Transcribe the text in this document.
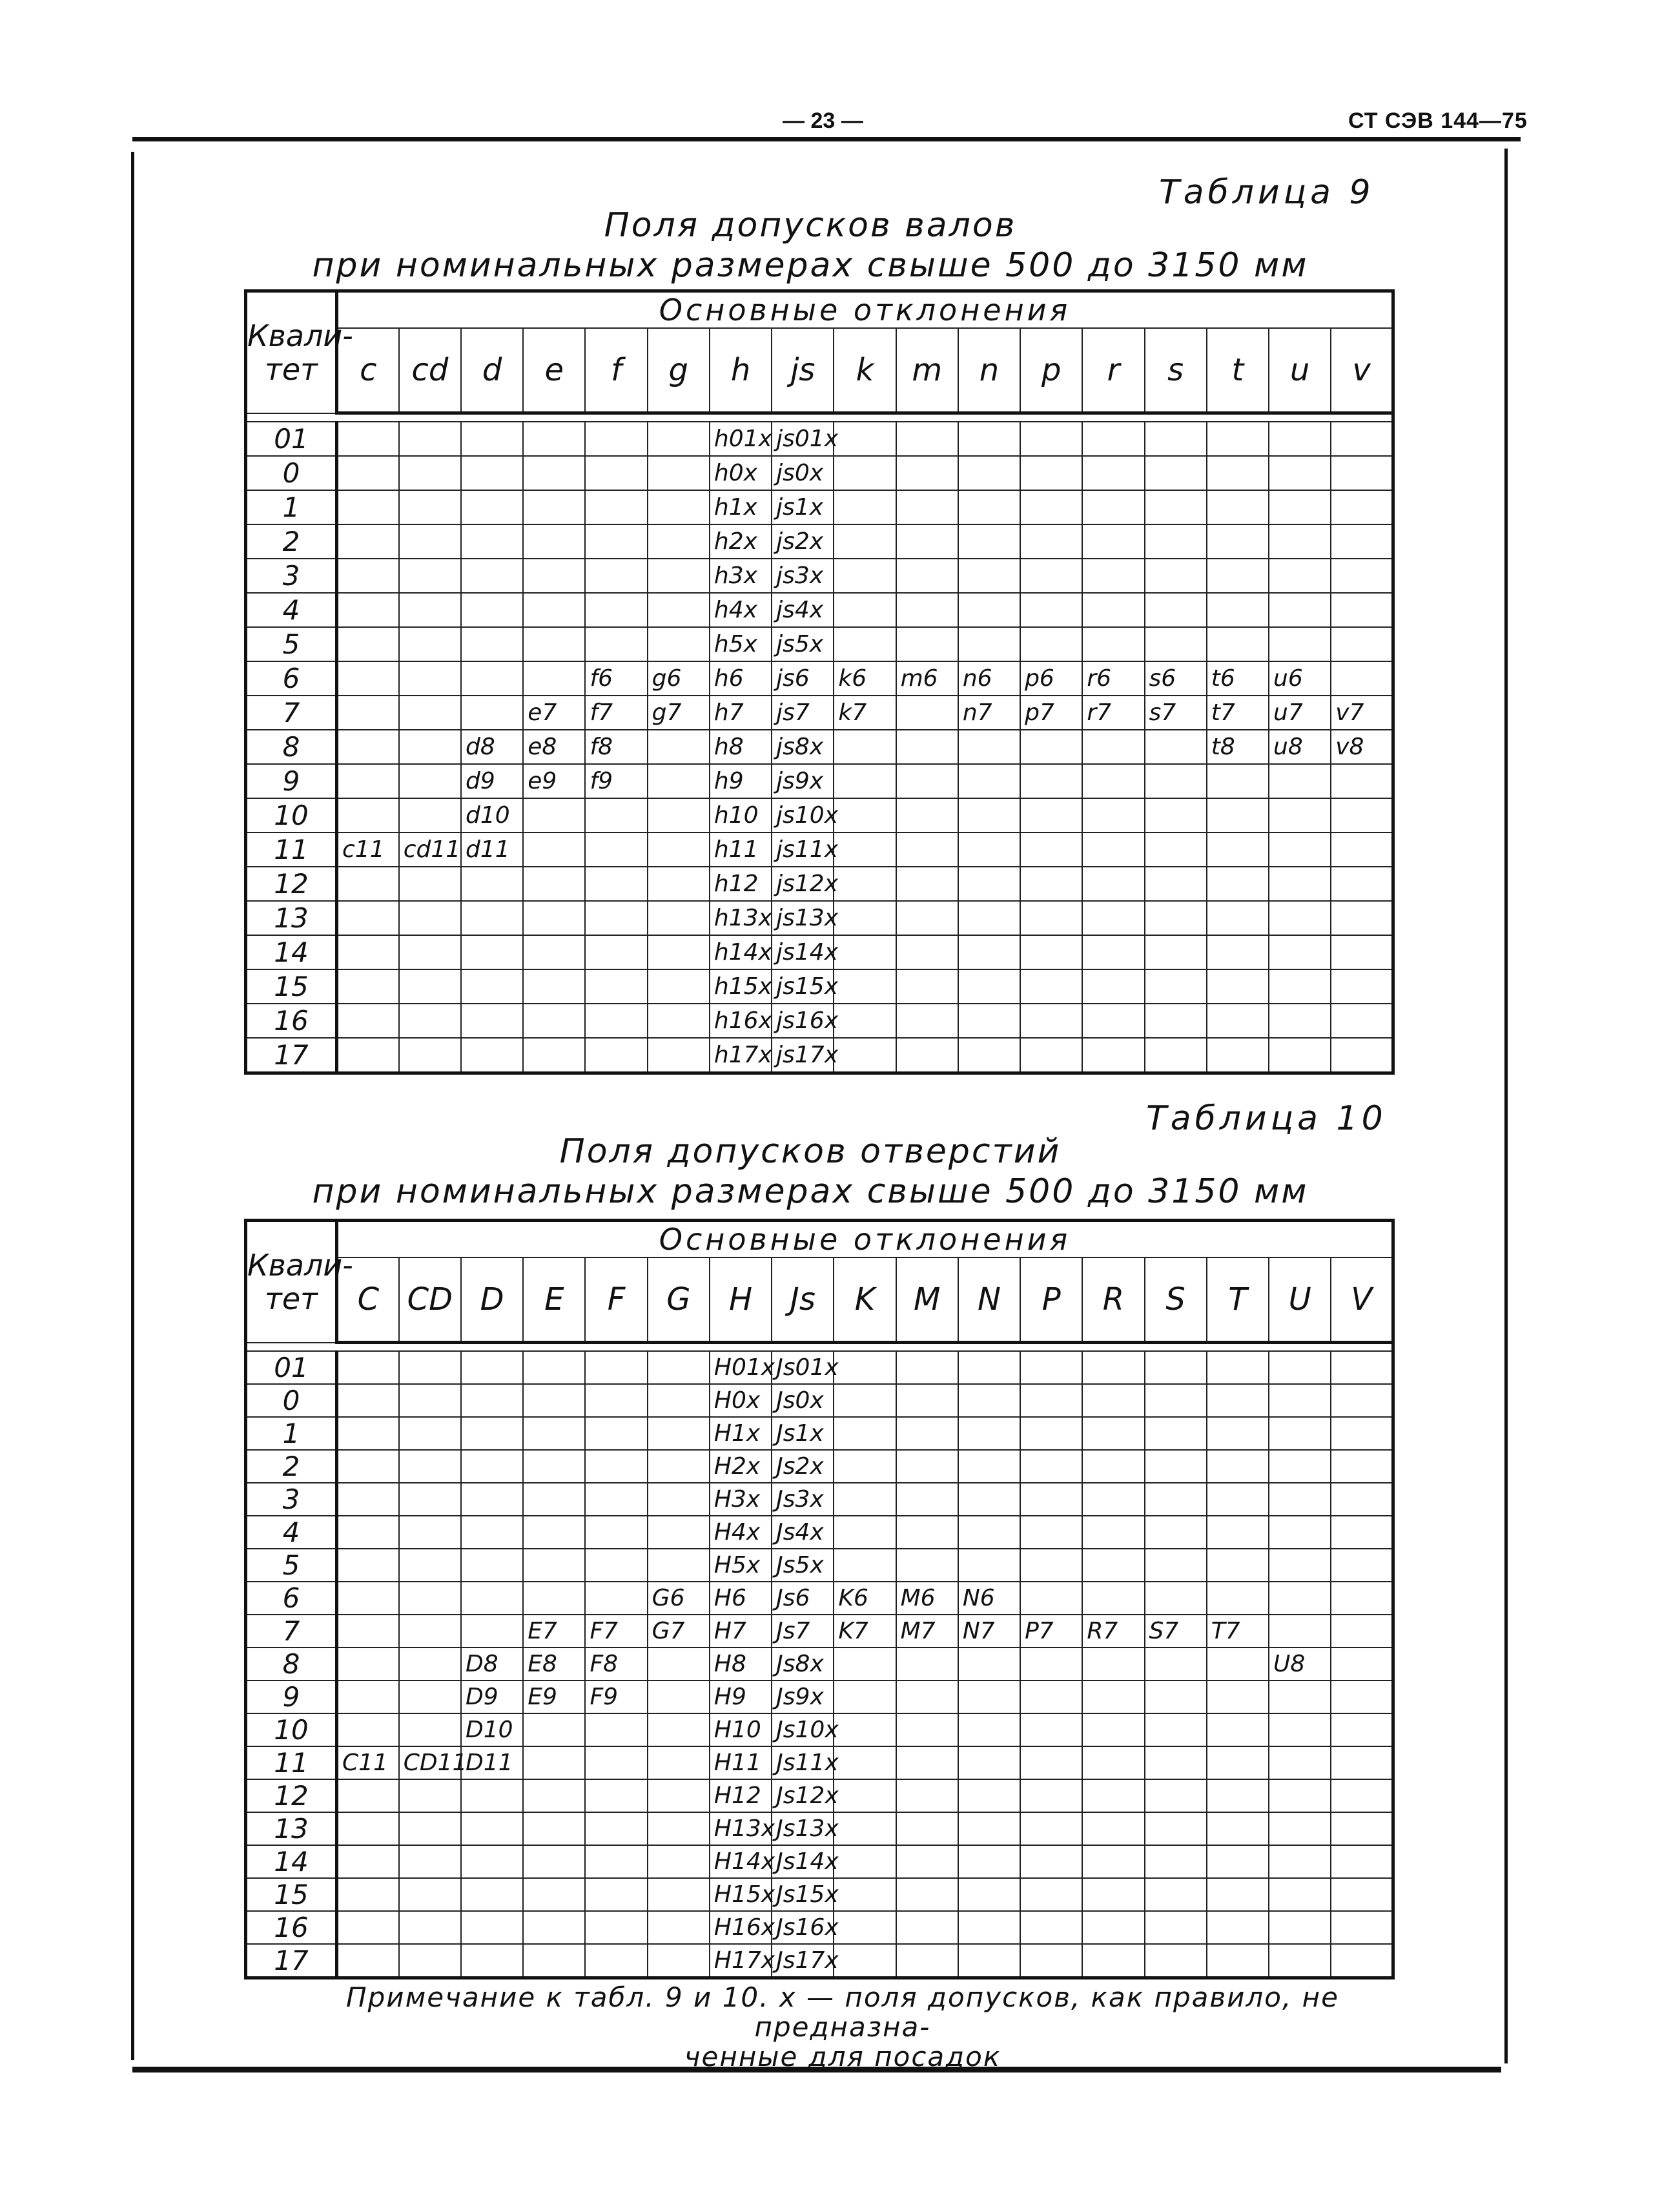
— 23 —	СТ СЭВ 144—75
Таблица 9
Поля допусков валов
при номинальных размерах свыше 500 до 3150 мм
Квали-
тет	Основные отклонения																
	c	cd	d	e	f	g	h	js	k	m	n	p	r	s	t	u	v

01							h01x	js01x									
0							h0x	js0x									
1							h1x	js1x									
2							h2x	js2x									
3							h3x	js3x									
4							h4x	js4x									
5							h5x	js5x									
6					f6	g6	h6	js6	k6	m6	n6	p6	r6	s6	t6	u6	
7				e7	f7	g7	h7	js7	k7		n7	p7	r7	s7	t7	u7	v7
8			d8	e8	f8		h8	js8x							t8	u8	v8
9			d9	e9	f9		h9	js9x									
10			d10				h10	js10x									
11	c11	cd11	d11				h11	js11x									
12							h12	js12x									
13							h13x	js13x									
14							h14x	js14x									
15							h15x	js15x									
16							h16x	js16x									
17							h17x	js17x									
Таблица 10
Поля допусков отверстий
при номинальных размерах свыше 500 до 3150 мм
Квали-
тет	Основные отклонения																
	C	CD	D	E	F	G	H	Js	K	M	N	P	R	S	T	U	V

01							H01x	Js01x									
0							H0x	Js0x									
1							H1x	Js1x									
2							H2x	Js2x									
3							H3x	Js3x									
4							H4x	Js4x									
5							H5x	Js5x									
6						G6	H6	Js6	K6	M6	N6						
7				E7	F7	G7	H7	Js7	K7	M7	N7	P7	R7	S7	T7		
8			D8	E8	F8		H8	Js8x								U8	
9			D9	E9	F9		H9	Js9x									
10			D10				H10	Js10x									
11	C11	CD11	D11				H11	Js11x									
12							H12	Js12x									
13							H13x	Js13x									
14							H14x	Js14x									
15							H15x	Js15x									
16							H16x	Js16x									
17							H17x	Js17x									
Примечание к табл. 9 и 10. х — поля допусков, как правило, не предназна-
ченные для посадок
